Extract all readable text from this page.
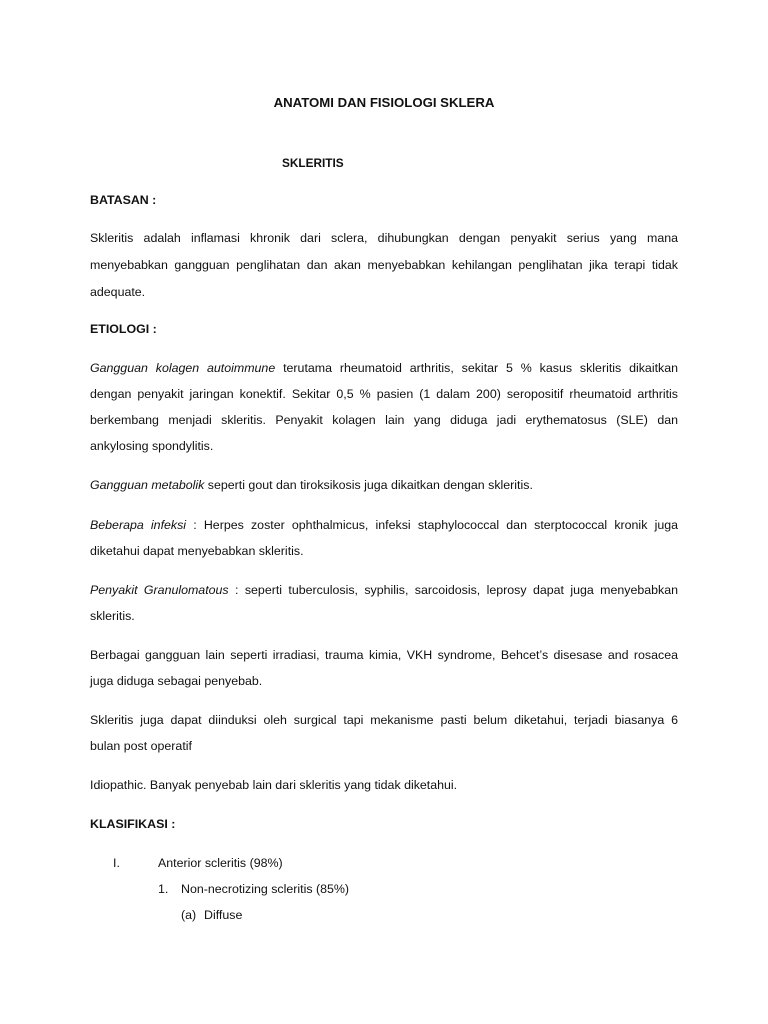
ANATOMI DAN FISIOLOGI SKLERA
SKLERITIS
BATASAN :
Skleritis adalah inflamasi khronik dari sclera, dihubungkan dengan penyakit serius yang mana
menyebabkan gangguan penglihatan dan akan menyebabkan kehilangan penglihatan jika terapi tidak
adequate.
ETIOLOGI :
Gangguan kolagen autoimmune terutama rheumatoid arthritis, sekitar 5 % kasus skleritis dikaitkan
dengan penyakit jaringan konektif. Sekitar 0,5 % pasien (1 dalam 200) seropositif rheumatoid arthritis
berkembang menjadi skleritis. Penyakit kolagen lain yang diduga jadi erythematosus (SLE) dan
ankylosing spondylitis.
Gangguan metabolik seperti gout dan tiroksikosis juga dikaitkan dengan skleritis.
Beberapa infeksi : Herpes zoster ophthalmicus, infeksi staphylococcal dan sterptococcal kronik juga
diketahui dapat menyebabkan skleritis.
Penyakit Granulomatous : seperti tuberculosis, syphilis, sarcoidosis, leprosy dapat juga menyebabkan
skleritis.
Berbagai gangguan lain seperti irradiasi, trauma kimia, VKH syndrome, Behcet’s disesase and rosacea
juga diduga sebagai penyebab.
Skleritis juga dapat diinduksi oleh surgical tapi mekanisme pasti belum diketahui, terjadi biasanya 6
bulan post operatif
Idiopathic. Banyak penyebab lain dari skleritis yang tidak diketahui.
KLASIFIKASI :
I.	Anterior scleritis (98%)
1. Non-necrotizing scleritis (85%)
(a) Diffuse
